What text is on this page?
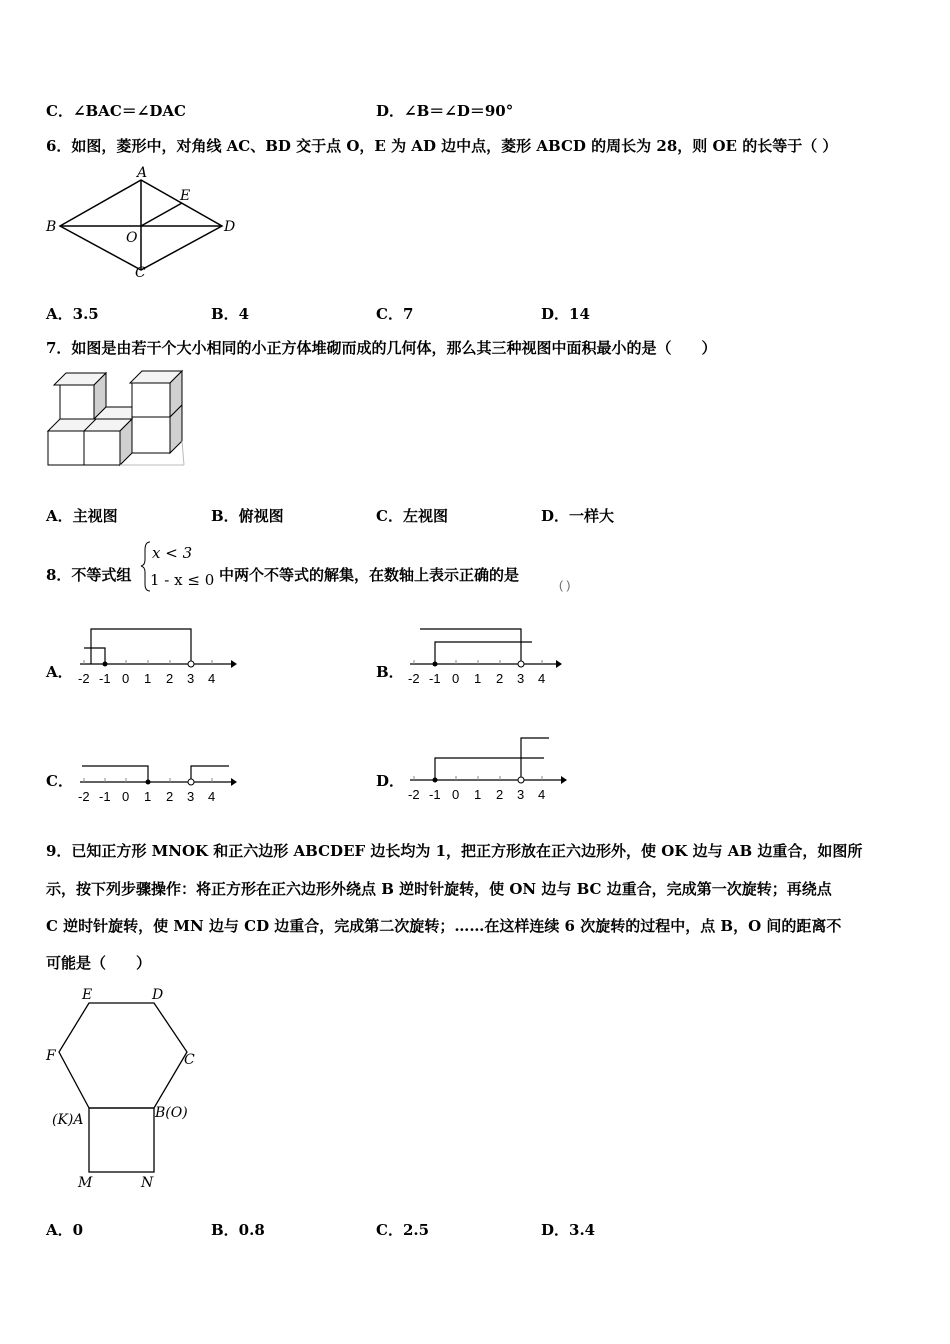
C．∠BAC＝∠DAC	D．∠B＝∠D＝90°
6．如图，菱形中，对角线 AC、BD 交于点 O，E 为 AD 边中点，菱形 ABCD 的周长为 28，则 OE 的长等于（ ）
A
B
C
D
E
O
A．3.5	B．4	C．7	D．14
7．如图是由若干个大小相同的小正方体堆砌而成的几何体，那么其三种视图中面积最小的是（　　）
A．主视图	B．俯视图	C．左视图	D．一样大
8．不等式组
x < 3
1 - x ≤ 0 中两个不等式的解集，在数轴上表示正确的是
( )
A． -2 -1 0 1 2 3 4	B． -2 -1 0 1 2 3 4
C．
-2 -1 0 1 2 3 4
D．
-2 -1 0 1 2 3 4
9．已知正方形 MNOK 和正六边形 ABCDEF 边长均为 1，把正方形放在正六边形外，使 OK 边与 AB 边重合，如图所
示，按下列步骤操作：将正方形在正六边形外绕点 B 逆时针旋转，使 ON 边与 BC 边重合，完成第一次旋转；再绕点
C 逆时针旋转，使 MN 边与 CD 边重合，完成第二次旋转；……在这样连续 6 次旋转的过程中，点 B，O 间的距离不
可能是（　　）
E	D
F	C
(K)A	B(O)
M	N
A．0	B．0.8	C．2.5	D．3.4
